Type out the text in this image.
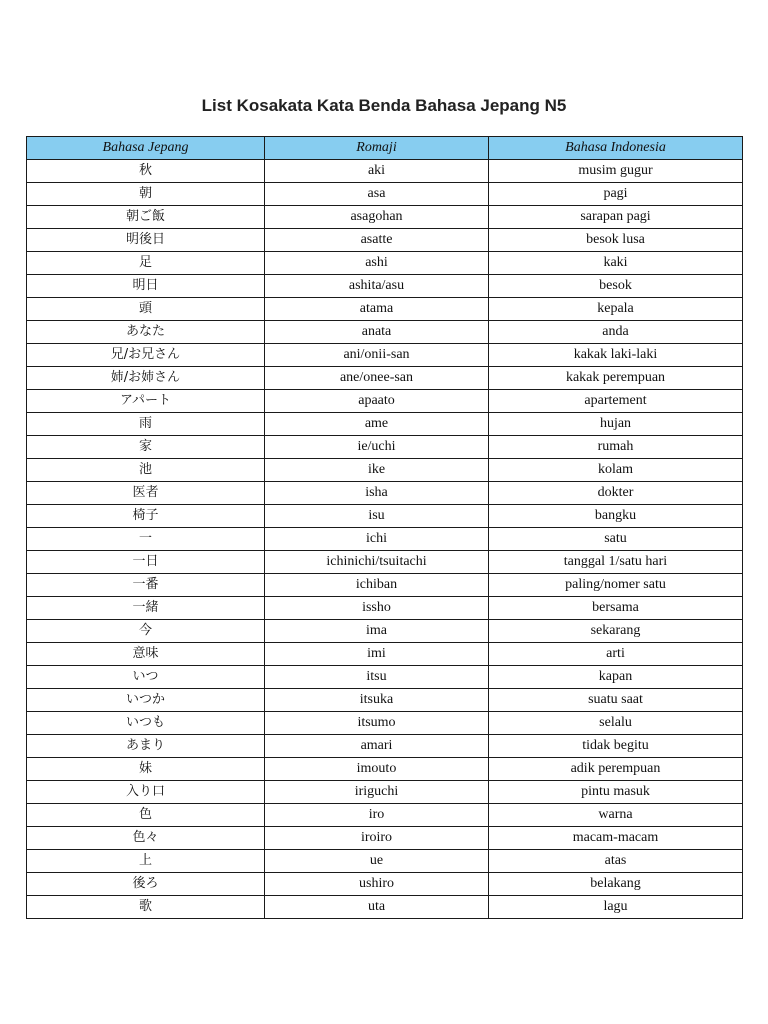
List Kosakata Kata Benda Bahasa Jepang N5
Bahasa Jepang	Romaji	Bahasa Indonesia
秋	aki	musim gugur
朝	asa	pagi
朝ご飯	asagohan	sarapan pagi
明後日	asatte	besok lusa
足	ashi	kaki
明日	ashita/asu	besok
頭	atama	kepala
あなた	anata	anda
兄/お兄さん	ani/onii-san	kakak laki-laki
姉/お姉さん	ane/onee-san	kakak perempuan
アパート	apaato	apartement
雨	ame	hujan
家	ie/uchi	rumah
池	ike	kolam
医者	isha	dokter
椅子	isu	bangku
一	ichi	satu
一日	ichinichi/tsuitachi	tanggal 1/satu hari
一番	ichiban	paling/nomer satu
一緒	issho	bersama
今	ima	sekarang
意味	imi	arti
いつ	itsu	kapan
いつか	itsuka	suatu saat
いつも	itsumo	selalu
あまり	amari	tidak begitu
妹	imouto	adik perempuan
入り口	iriguchi	pintu masuk
色	iro	warna
色々	iroiro	macam-macam
上	ue	atas
後ろ	ushiro	belakang
歌	uta	lagu
